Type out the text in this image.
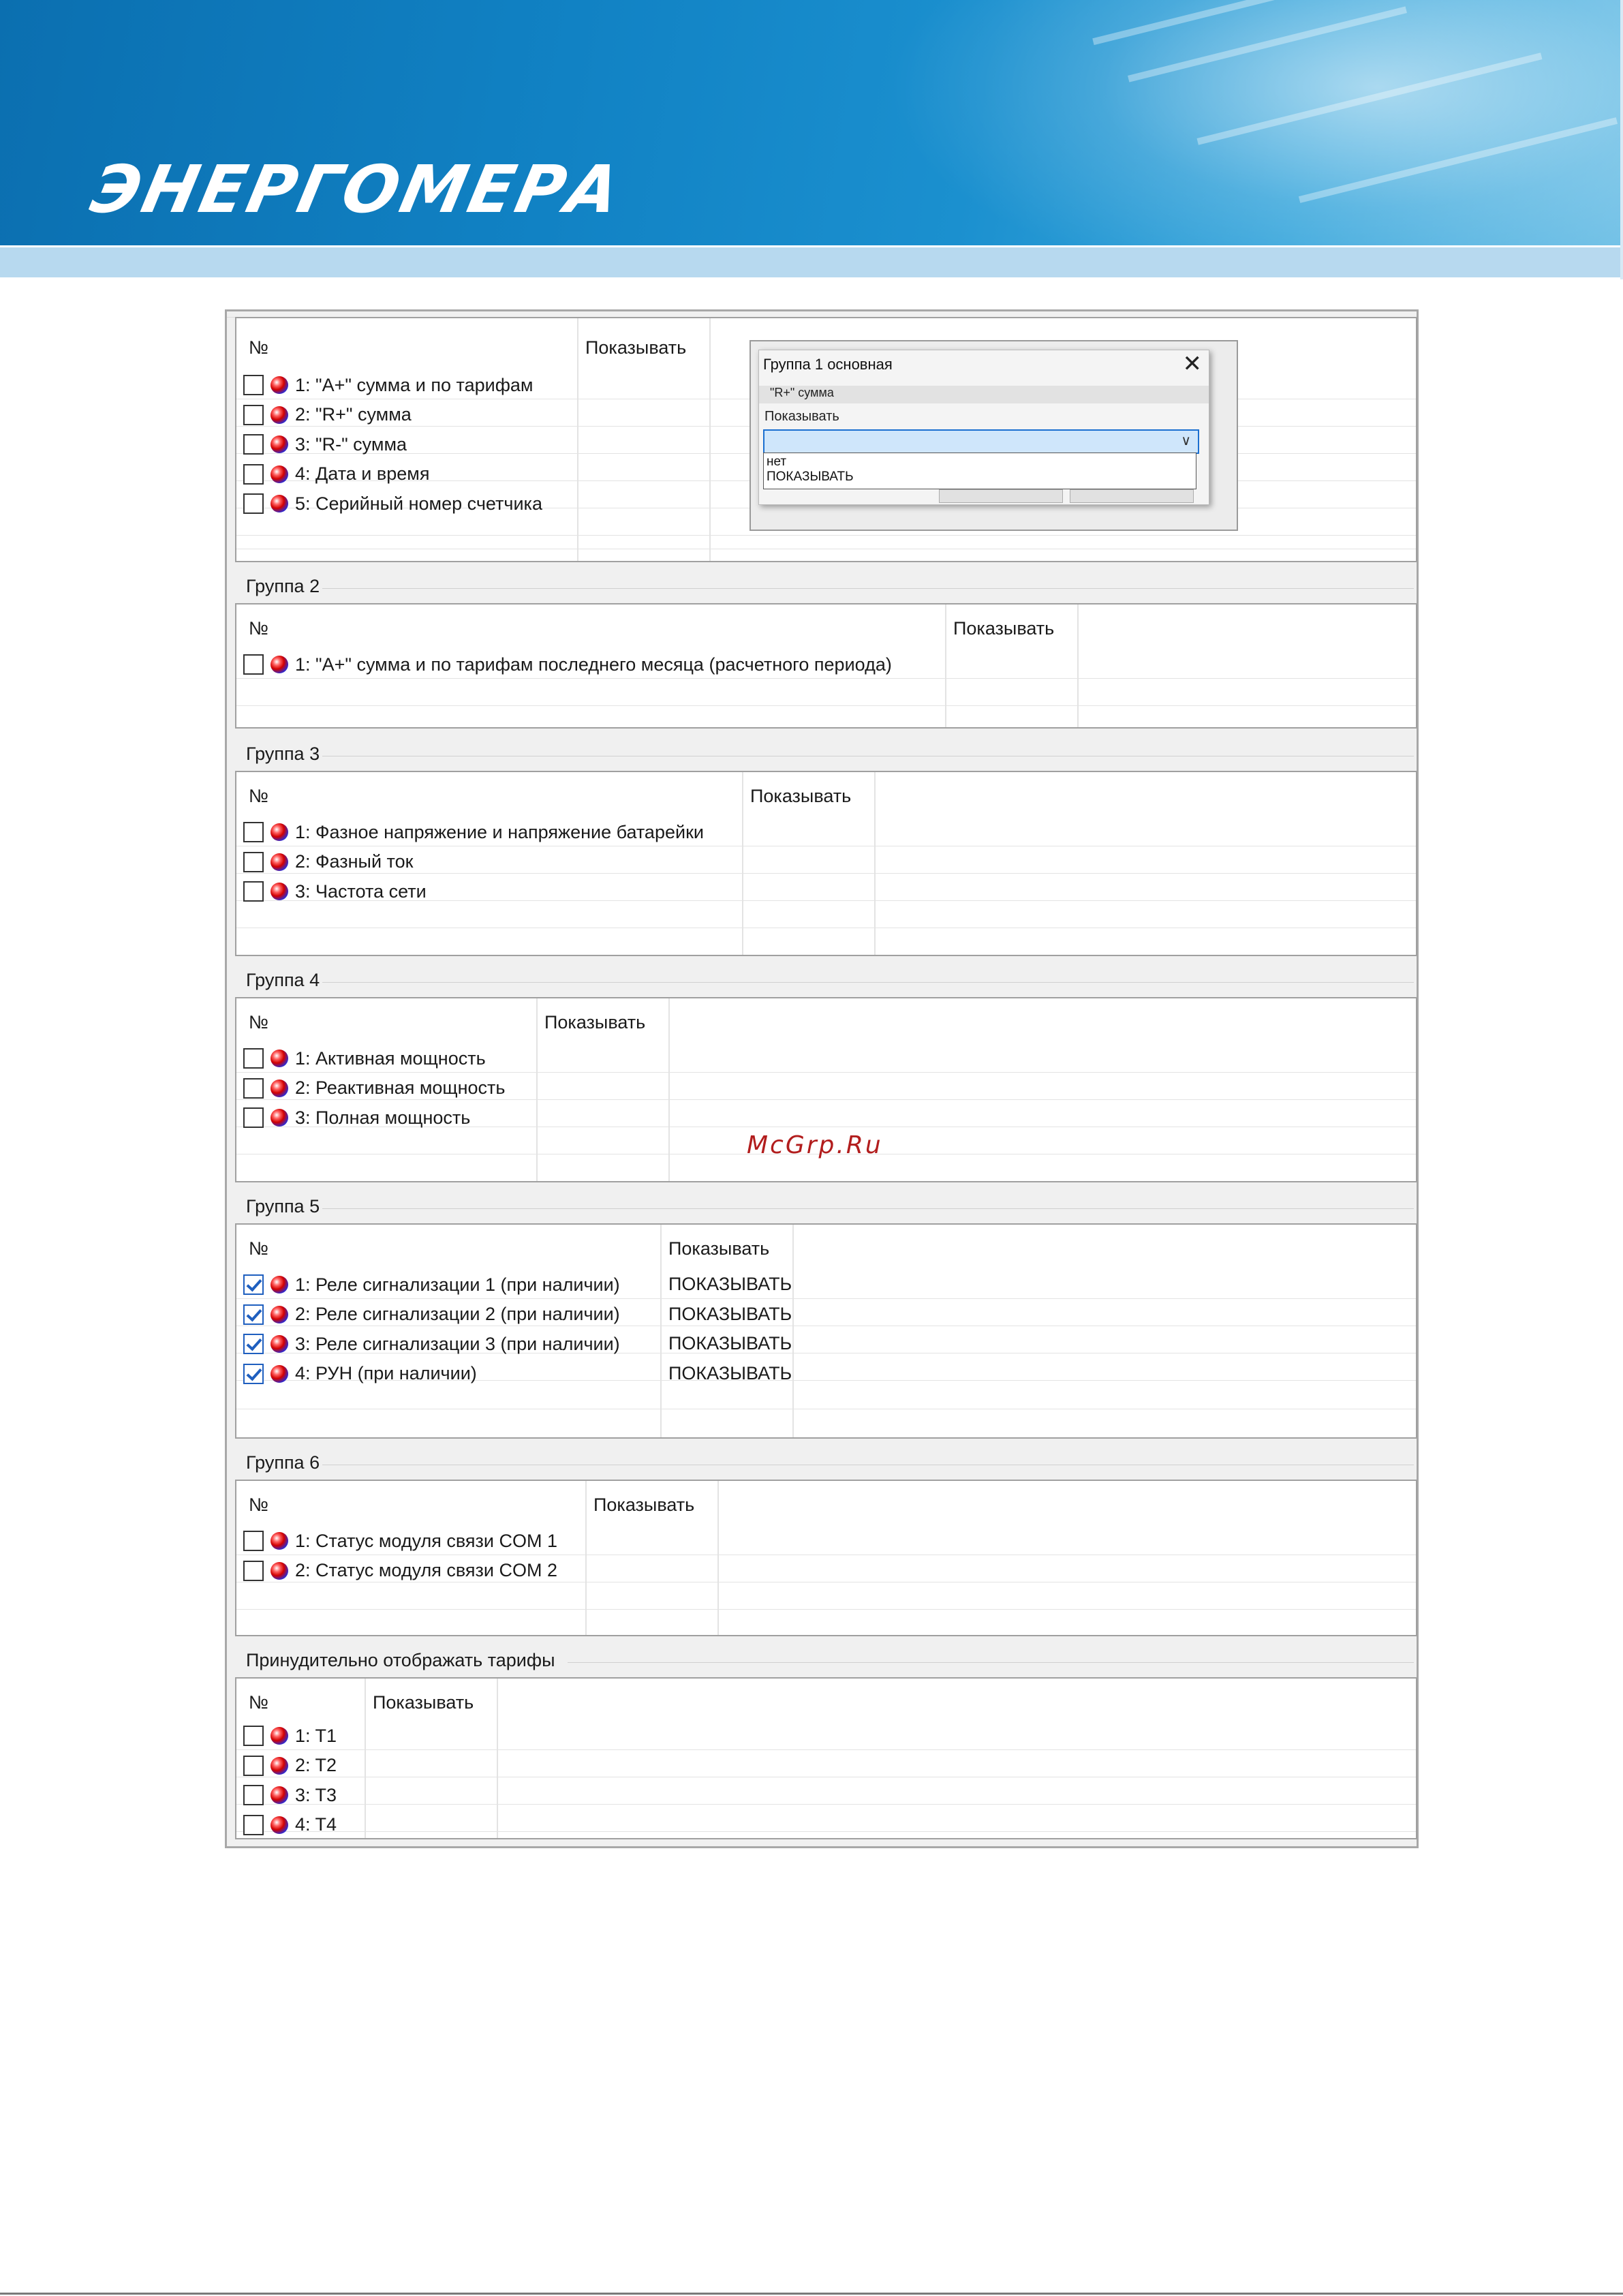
ЭНЕРГОМЕРА
№	Показывать
1: "A+" сумма и по тарифам
2: "R+" сумма
3: "R-" сумма
4: Дата и время
5: Серийный номер счетчика
Группа 2
№	Показывать
1: "A+" сумма и по тарифам последнего месяца (расчетного периода)
Группа 3
№	Показывать
1: Фазное напряжение и напряжение батарейки
2: Фазный ток
3: Частота сети
Группа 4
№	Показывать
1: Активная мощность
2: Реактивная мощность
3: Полная мощность
Группа 5
№	Показывать
1: Реле сигнализации 1 (при наличии)	ПОКАЗЫВАТЬ
2: Реле сигнализации 2 (при наличии)	ПОКАЗЫВАТЬ
3: Реле сигнализации 3 (при наличии)	ПОКАЗЫВАТЬ
4: РУН (при наличии)	ПОКАЗЫВАТЬ
Группа 6
№	Показывать
1: Статус модуля связи COM 1
2: Статус модуля связи COM 2
Принудительно отображать тарифы
№	Показывать
1: T1
2: T2
3: T3
4: T4
Группа 1 основная	✕
"R+" сумма
Показывать
∨
нет
ПОКАЗЫВАТЬ
McGrp.Ru
